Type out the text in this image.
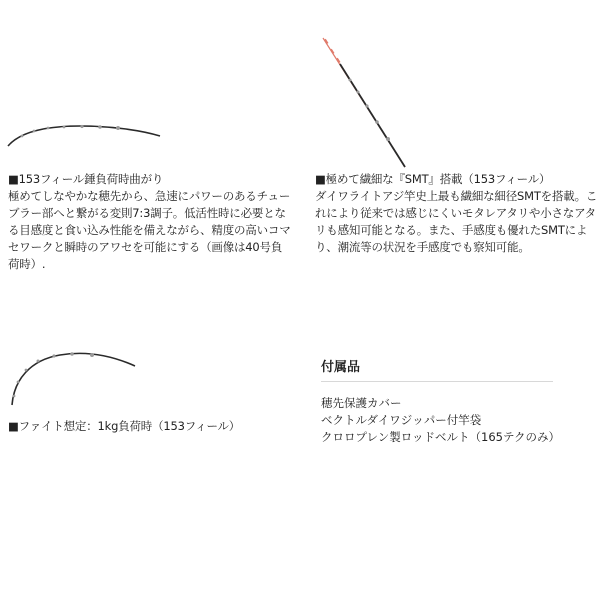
■153フィール錘負荷時曲がり
極めてしなやかな穂先から、急速にパワーのあるチューブラー部へと繋がる変則7:3調子。低活性時に必要となる目感度と食い込み性能を備えながら、精度の高いコマセワークと瞬時のアワセを可能にする（画像は40号負荷時）.
■極めて繊細な『SMT』搭載（153フィール）
ダイワライトアジ竿史上最も繊細な細径SMTを搭載。これにより従来では感じにくいモタレアタリや小さなアタリも感知可能となる。また、手感度も優れたSMTにより、潮流等の状況を手感度でも察知可能。
■ファイト想定：1kg負荷時（153フィール）
付属品
穂先保護カバー
ベクトルダイワジッパー付竿袋
クロロプレン製ロッドベルト（165テクのみ）
